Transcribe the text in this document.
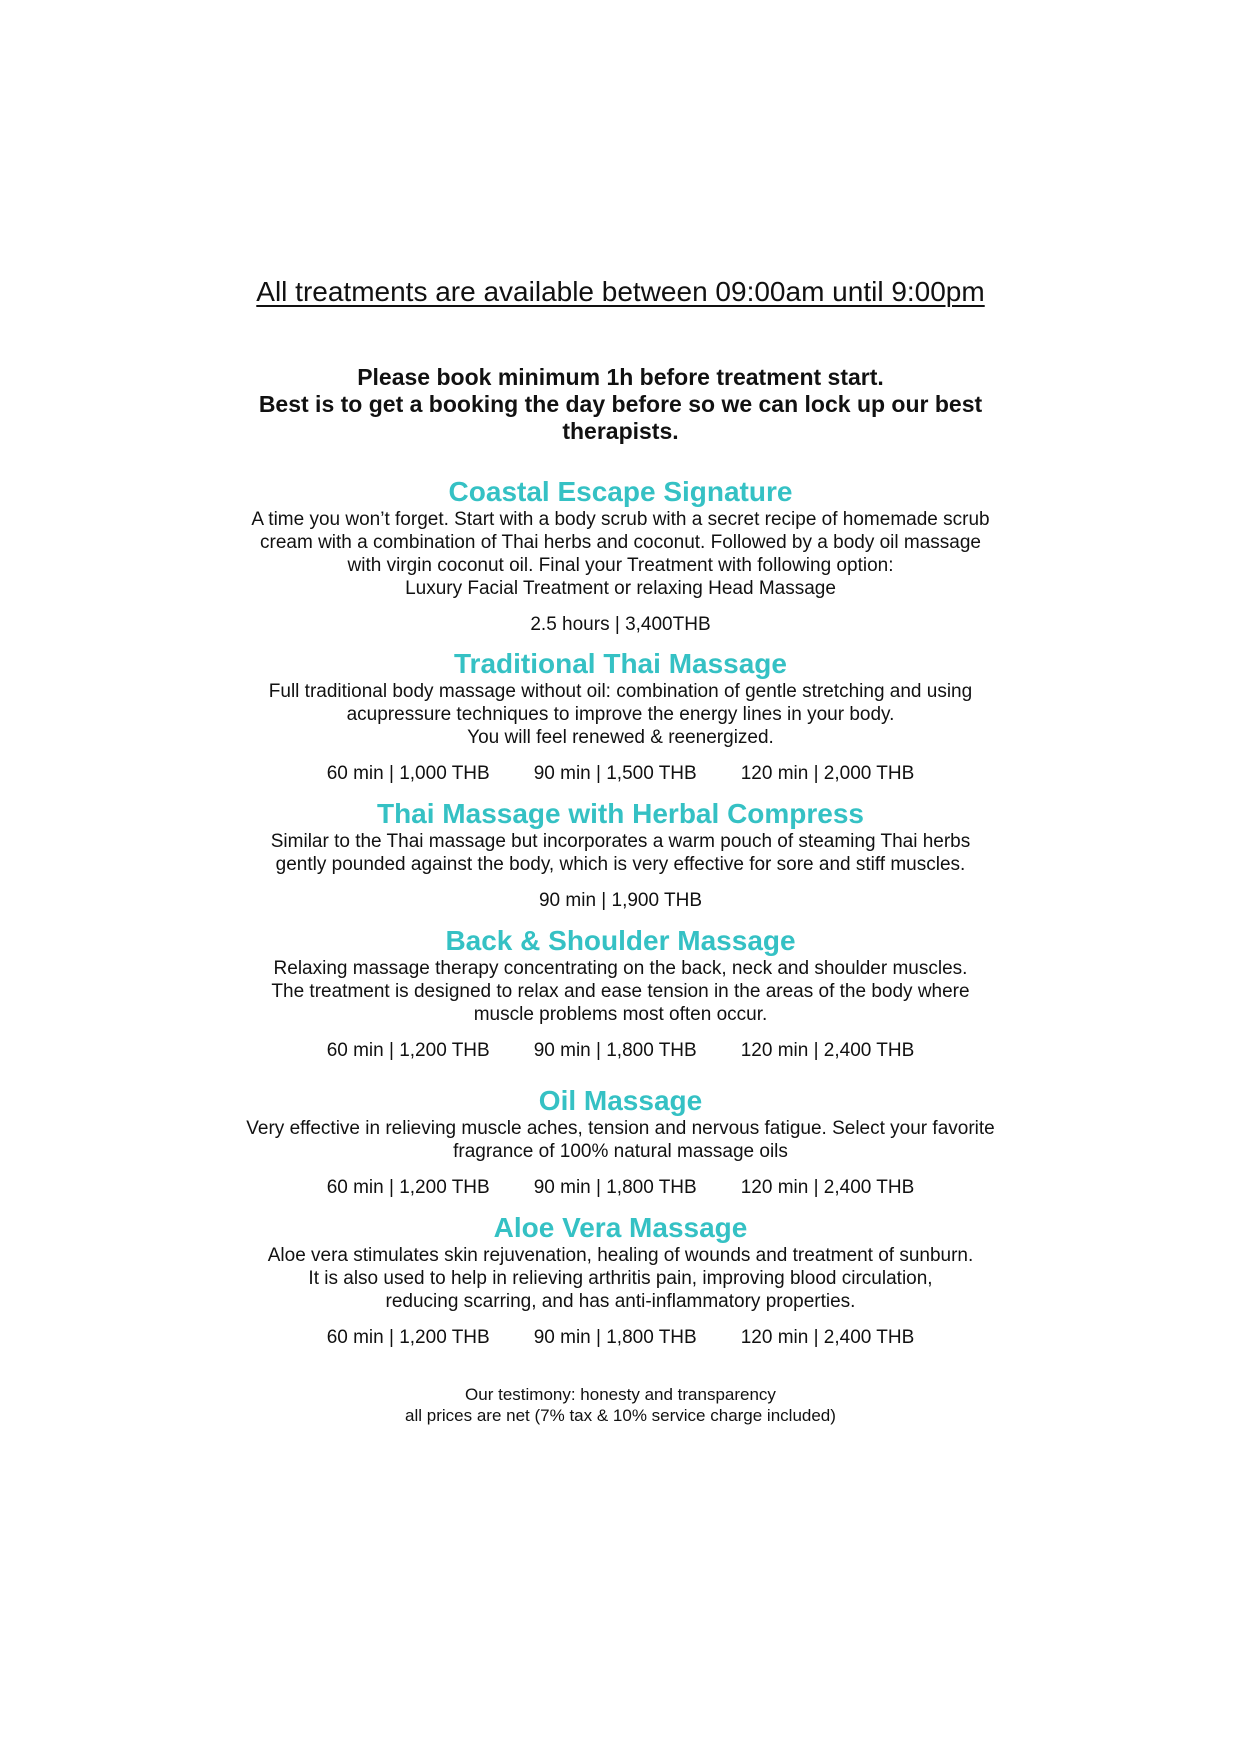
All treatments are available between 09:00am until 9:00pm
Please book minimum 1h before treatment start.
Best is to get a booking the day before so we can lock up our best
therapists.
Coastal Escape Signature
A time you won’t forget. Start with a body scrub with a secret recipe of homemade scrub
cream with a combination of Thai herbs and coconut. Followed by a body oil massage
with virgin coconut oil. Final your Treatment with following option:
Luxury Facial Treatment or relaxing Head Massage
2.5 hours | 3,400THB
Traditional Thai Massage
Full traditional body massage without oil: combination of gentle stretching and using
acupressure techniques to improve the energy lines in your body.
You will feel renewed & reenergized.
60 min | 1,000 THB 90 min | 1,500 THB 120 min | 2,000 THB
Thai Massage with Herbal Compress
Similar to the Thai massage but incorporates a warm pouch of steaming Thai herbs
gently pounded against the body, which is very effective for sore and stiff muscles.
90 min | 1,900 THB
Back & Shoulder Massage
Relaxing massage therapy concentrating on the back, neck and shoulder muscles.
The treatment is designed to relax and ease tension in the areas of the body where
muscle problems most often occur.
60 min | 1,200 THB 90 min | 1,800 THB 120 min | 2,400 THB
Oil Massage
Very effective in relieving muscle aches, tension and nervous fatigue. Select your favorite
fragrance of 100% natural massage oils
60 min | 1,200 THB 90 min | 1,800 THB 120 min | 2,400 THB
Aloe Vera Massage
Aloe vera stimulates skin rejuvenation, healing of wounds and treatment of sunburn.
It is also used to help in relieving arthritis pain, improving blood circulation,
reducing scarring, and has anti-inflammatory properties.
60 min | 1,200 THB 90 min | 1,800 THB 120 min | 2,400 THB
Our testimony: honesty and transparency
all prices are net (7% tax & 10% service charge included)
